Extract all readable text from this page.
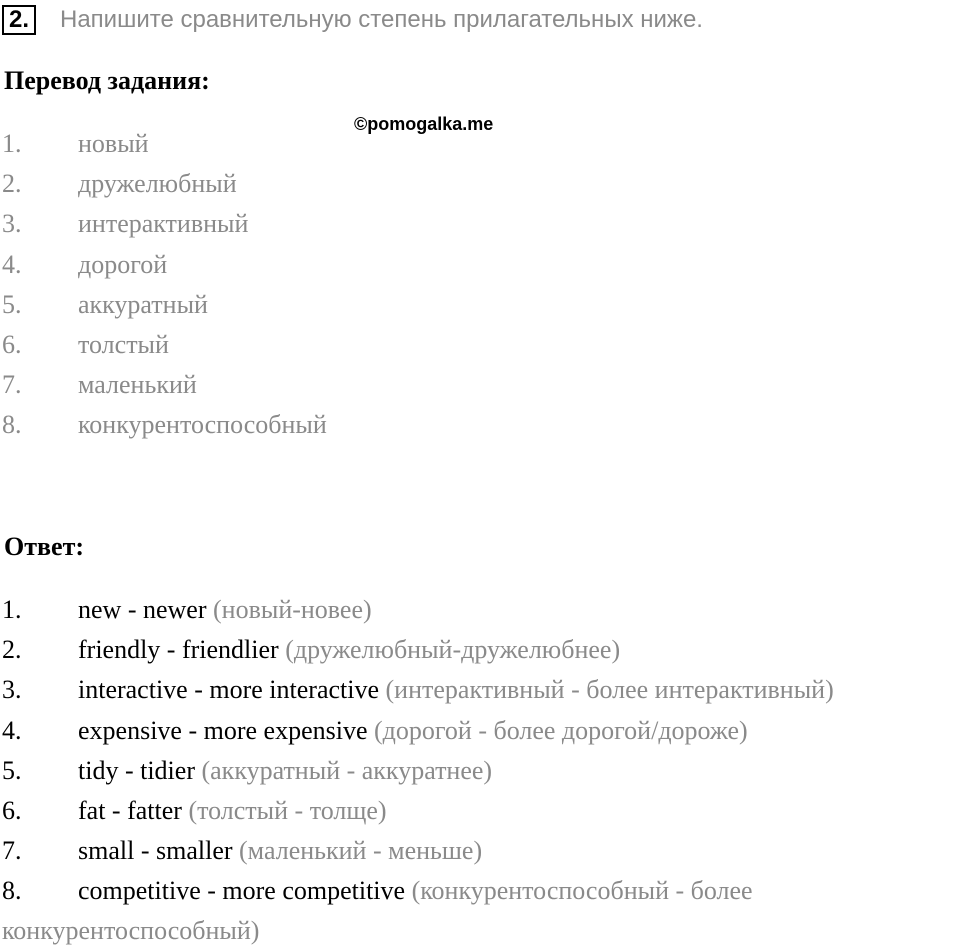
2. Напишите сравнительную степень прилагательных ниже.
Перевод задания:
©pomogalka.me
1. новый
2. дружелюбный
3. интерактивный
4. дорогой
5. аккуратный
6. толстый
7. маленький
8. конкурентоспособный
Ответ:
1. new - newer (новый-новее)
2. friendly - friendlier (дружелюбный-дружелюбнее)
3. interactive - more interactive (интерактивный - более интерактивный)
4. expensive - more expensive (дорогой - более дорогой/дороже)
5. tidy - tidier (аккуратный - аккуратнее)
6. fat - fatter (толстый - толще)
7. small - smaller (маленький - меньше)
8. competitive - more competitive (конкурентоспособный - более
конкурентоспособный)
